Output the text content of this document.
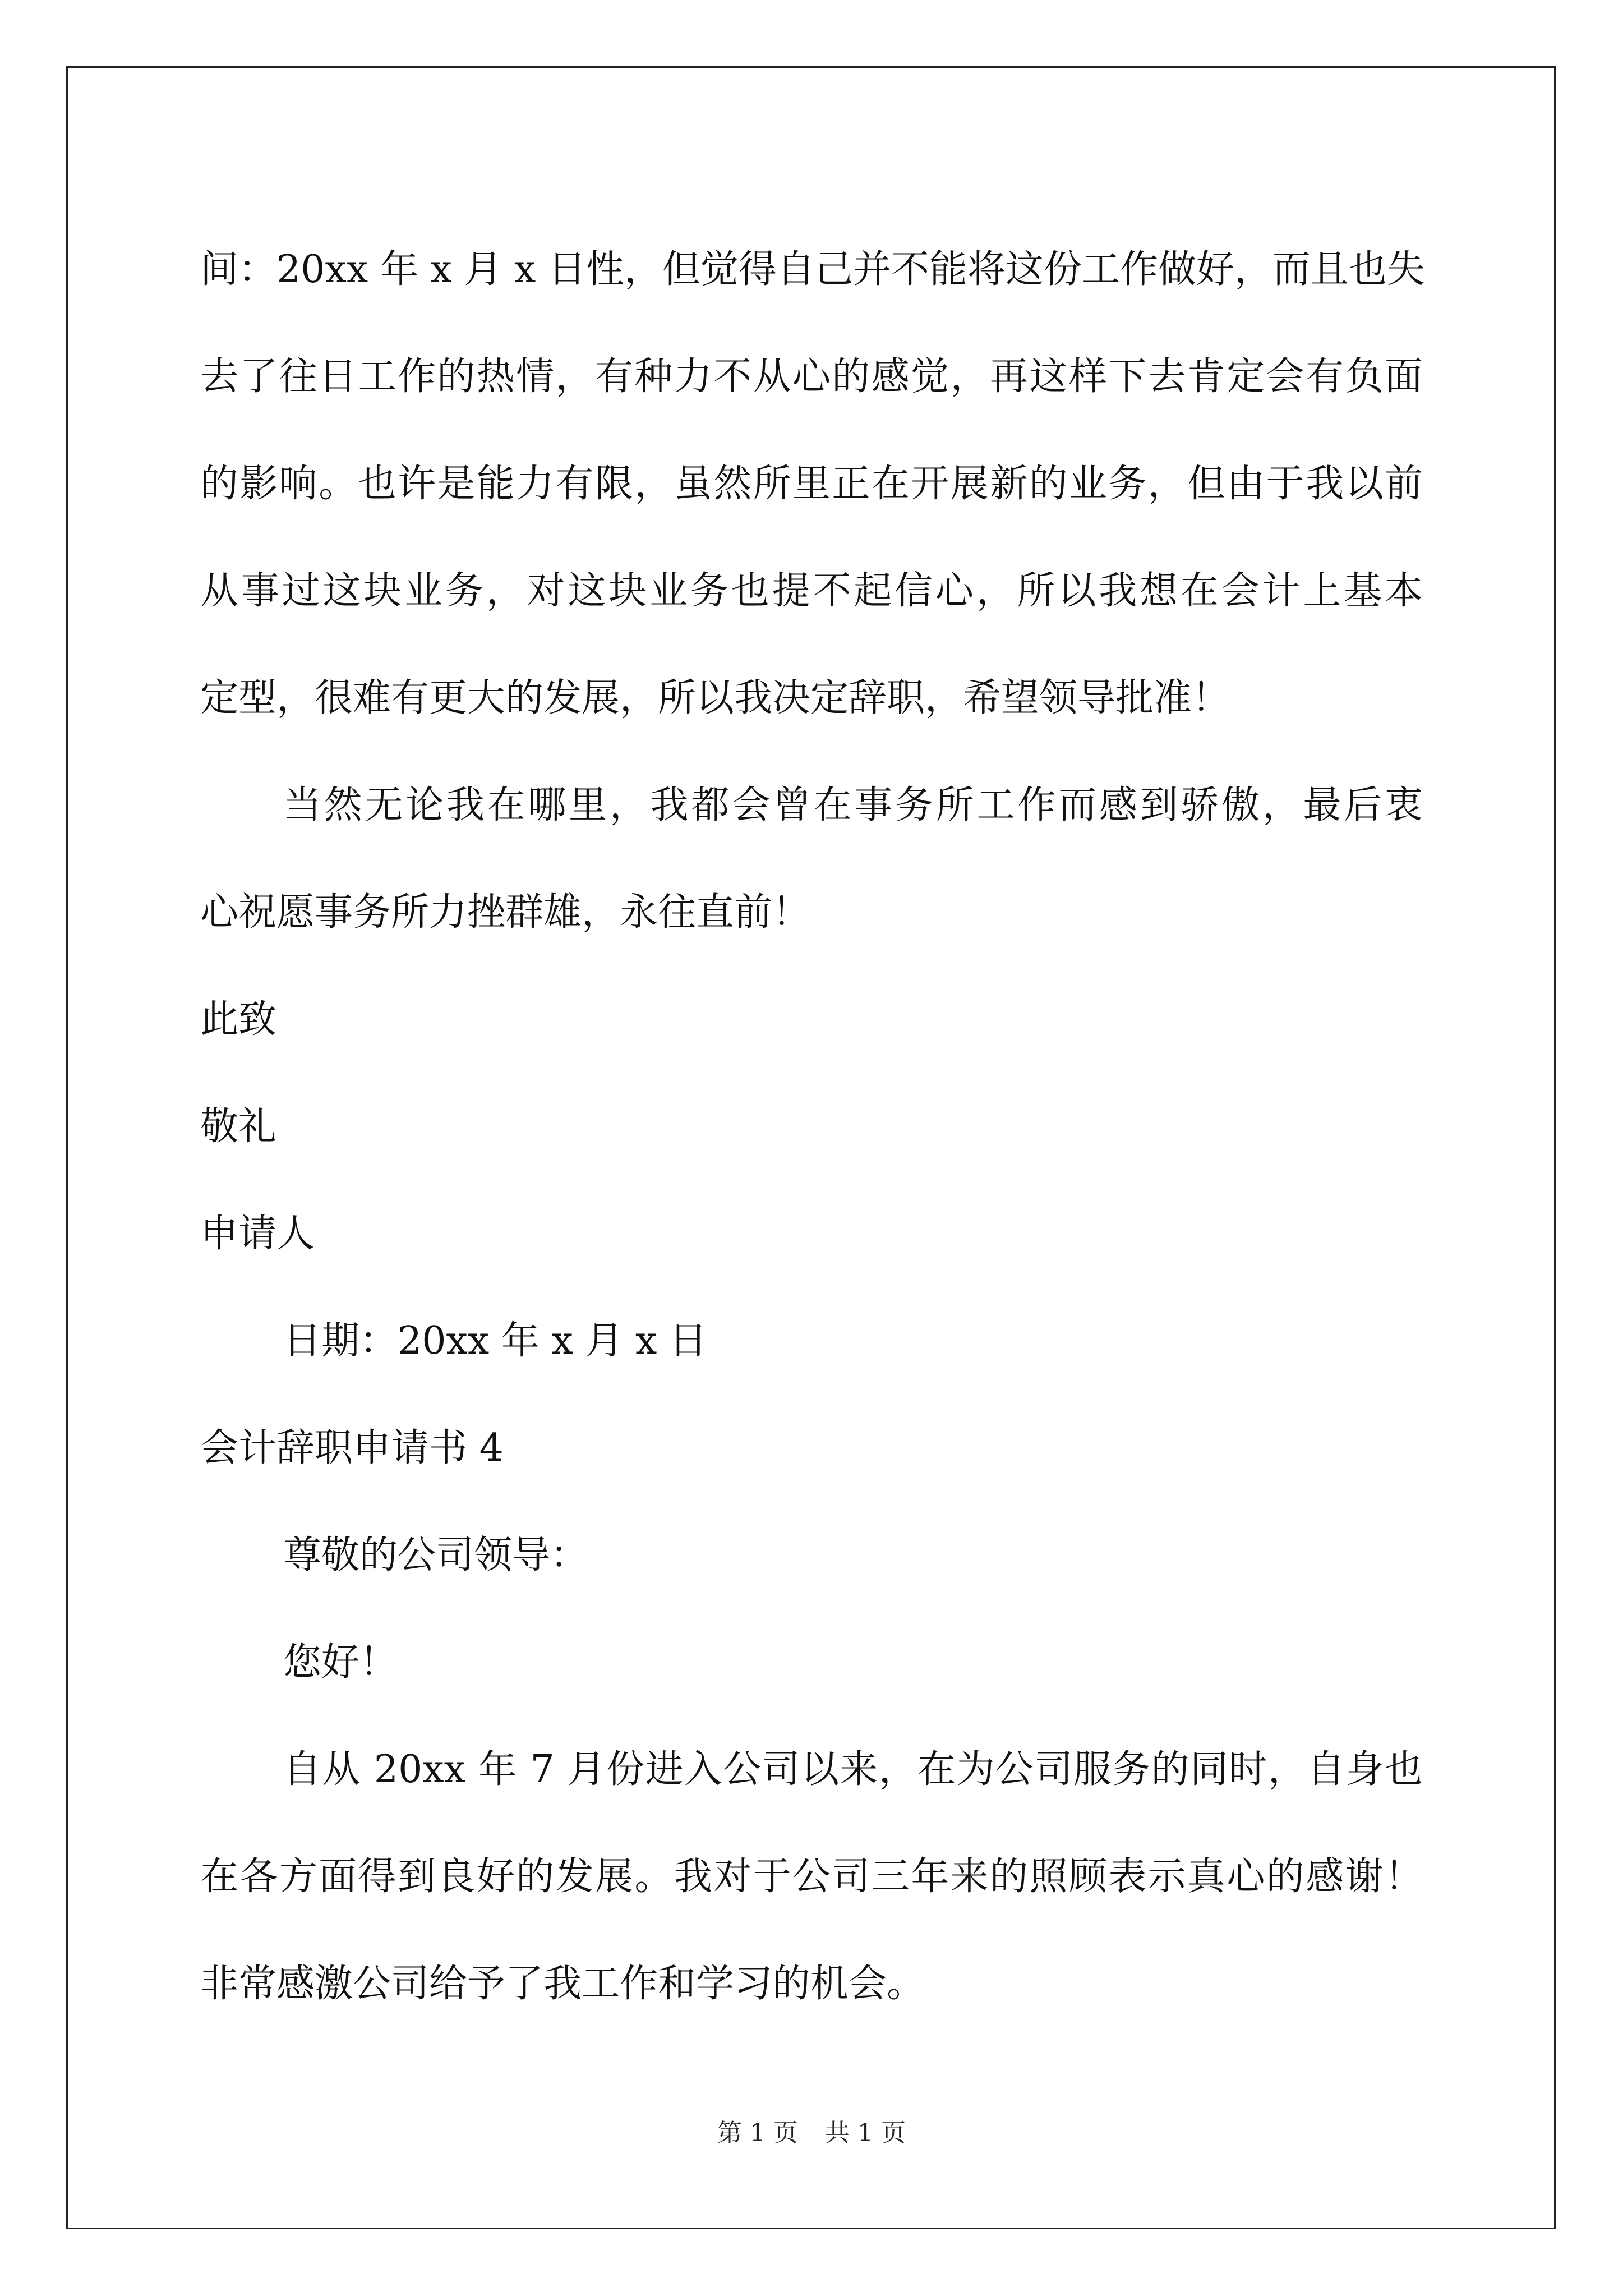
间：20xx 年 x 月 x 日性，但觉得自己并不能将这份工作做好，而且也失
去了往日工作的热情，有种力不从心的感觉，再这样下去肯定会有负面
的影响。也许是能力有限，虽然所里正在开展新的业务，但由于我以前
从事过这块业务，对这块业务也提不起信心，所以我想在会计上基本
定型，很难有更大的发展，所以我决定辞职，希望领导批准！
当然无论我在哪里，我都会曾在事务所工作而感到骄傲，最后衷
心祝愿事务所力挫群雄，永往直前！
此致
敬礼
申请人
日期：20xx 年 x 月 x 日
会计辞职申请书 4
尊敬的公司领导：
您好！
自从 20xx 年 7 月份进入公司以来，在为公司服务的同时，自身也
在各方面得到良好的发展。我对于公司三年来的照顾表示真心的感谢！
非常感激公司给予了我工作和学习的机会。
第 1 页 共 1 页
